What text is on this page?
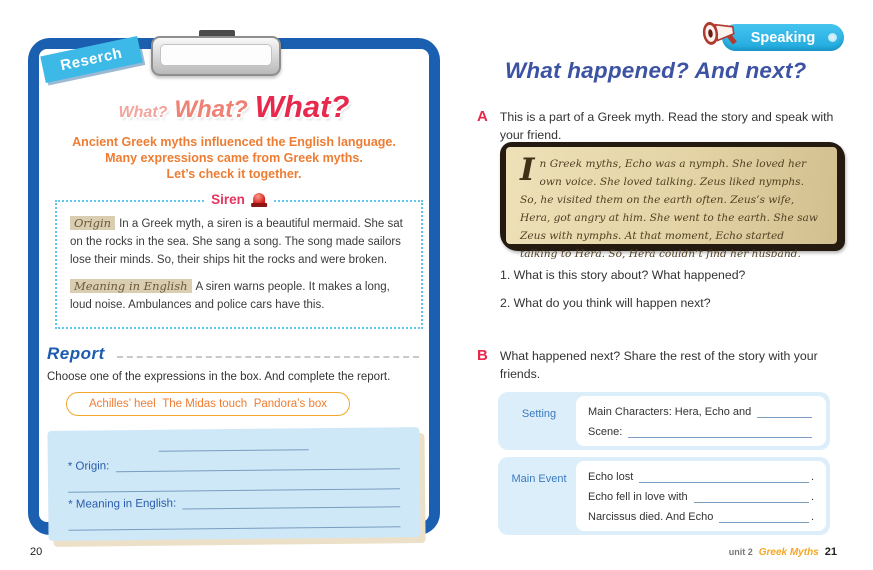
What? What? What?
Ancient Greek myths influenced the English language.
Many expressions came from Greek myths.
Let’s check it together.
Siren
Origin In a Greek myth, a siren is a beautiful mermaid. She sat on the rocks in the sea. She sang a song. The song made sailors lose their minds. So, their ships hit the rocks and were broken.
Meaning in English A siren warns people. It makes a long, loud noise. Ambulances and police cars have this.
Report
Choose one of the expressions in the box. And complete the report.
Achilles’ heel The Midas touch Pandora’s box
* Origin:
* Meaning in English:
Reserch
20
Speaking
What happened? And next?
A This is a part of a Greek myth. Read the story and speak with your friend.
In Greek myths, Echo was a nymph. She loved her own voice. She loved talking. Zeus liked nymphs. So, he visited them on the earth often. Zeus’s wife, Hera, got angry at him. She went to the earth. She saw Zeus with nymphs. At that moment, Echo started talking to Hera. So, Hera couldn’t find her husband.
1. What is this story about? What happened?
2. What do you think will happen next?
B What happened next? Share the rest of the story with your friends.
Setting	Main Characters: Hera, Echo and
Scene:
Main Event	Echo lost	.
Echo fell in love with	.
Narcissus died. And Echo	.
unit 2 Greek Myths 21
